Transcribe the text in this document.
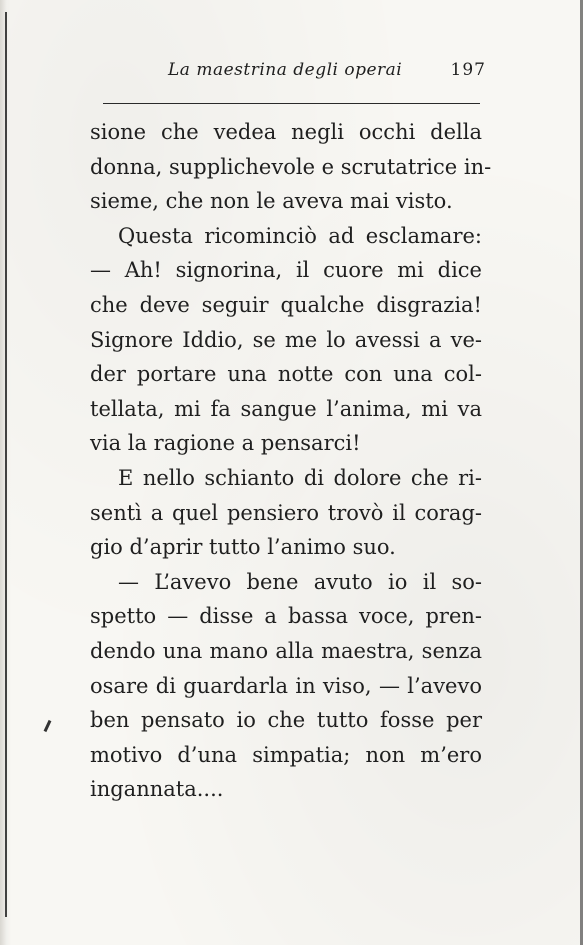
La maestrina degli operai	197
sione che vedea negli occhi della
donna, supplichevole e scrutatrice in-
sieme, che non le aveva mai visto.
Questa ricominciò ad esclamare:
— Ah! signorina, il cuore mi dice
che deve seguir qualche disgrazia!
Signore Iddio, se me lo avessi a ve-
der portare una notte con una col-
tellata, mi fa sangue l’anima, mi va
via la ragione a pensarci!
E nello schianto di dolore che ri-
sentì a quel pensiero trovò il corag-
gio d’aprir tutto l’animo suo.
— L’avevo bene avuto io il so-
spetto — disse a bassa voce, pren-
dendo una mano alla maestra, senza
osare di guardarla in viso, — l’avevo
ben pensato io che tutto fosse per
motivo d’una simpatia; non m’ero
ingannata....
